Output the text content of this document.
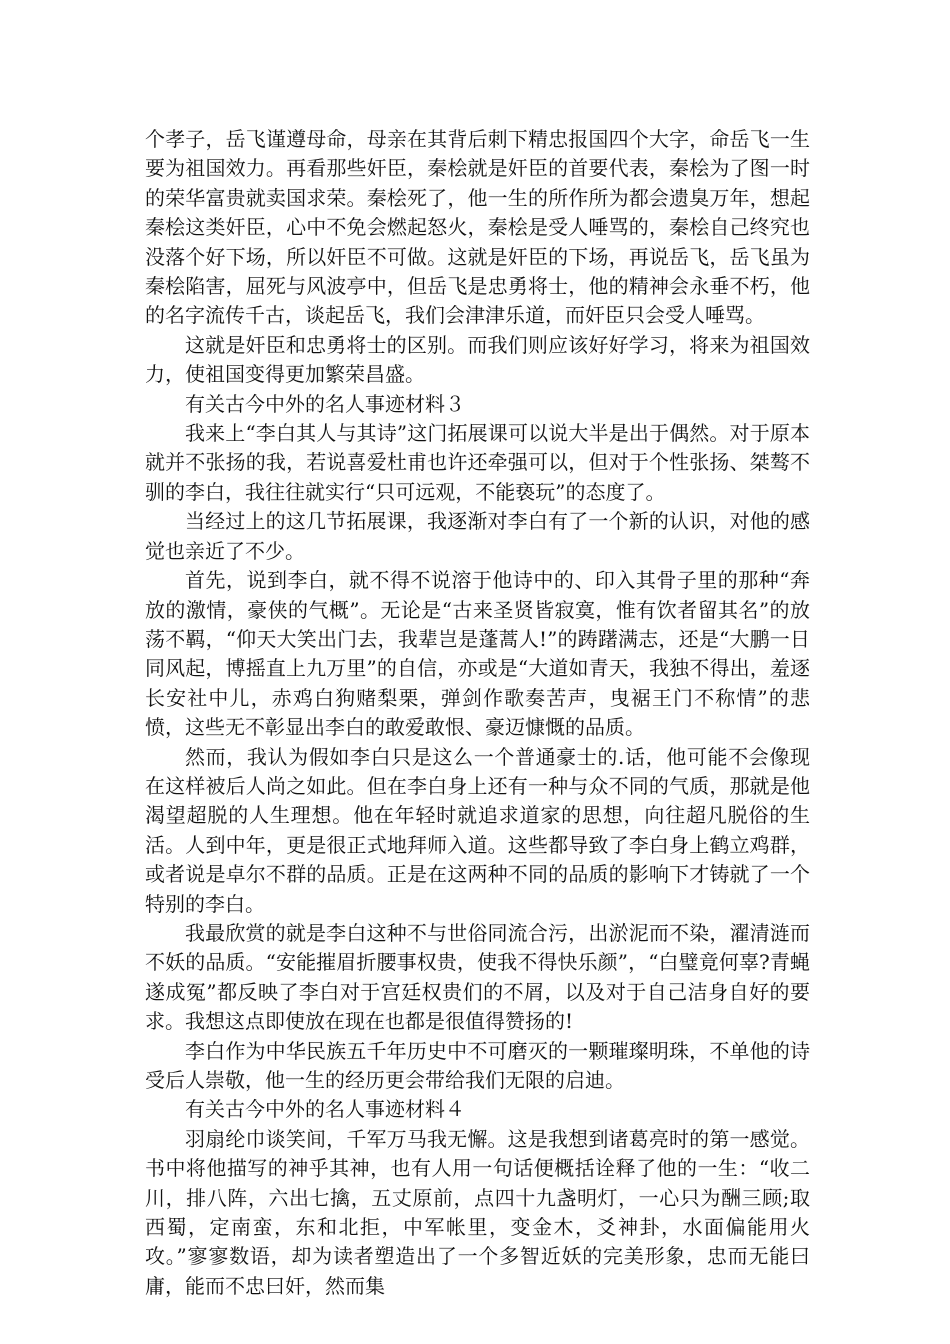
个孝子，岳飞谨遵母命，母亲在其背后刺下精忠报国四个大字，命岳飞一生要为祖国效力。再看那些奸臣，秦桧就是奸臣的首要代表，秦桧为了图一时的荣华富贵就卖国求荣。秦桧死了，他一生的所作所为都会遗臭万年，想起秦桧这类奸臣，心中不免会燃起怒火，秦桧是受人唾骂的，秦桧自己终究也没落个好下场，所以奸臣不可做。这就是奸臣的下场，再说岳飞，岳飞虽为秦桧陷害，屈死与风波亭中，但岳飞是忠勇将士，他的精神会永垂不朽，他的名字流传千古，谈起岳飞，我们会津津乐道，而奸臣只会受人唾骂。

这就是奸臣和忠勇将士的区别。而我们则应该好好学习，将来为祖国效力，使祖国变得更加繁荣昌盛。

有关古今中外的名人事迹材料３

我来上“李白其人与其诗”这门拓展课可以说大半是出于偶然。对于原本就并不张扬的我，若说喜爱杜甫也许还牵强可以，但对于个性张扬、桀骜不驯的李白，我往往就实行“只可远观，不能亵玩”的态度了。

当经过上的这几节拓展课，我逐渐对李白有了一个新的认识，对他的感觉也亲近了不少。

首先，说到李白，就不得不说溶于他诗中的、印入其骨子里的那种“奔放的激情，豪侠的气概”。无论是“古来圣贤皆寂寞，惟有饮者留其名”的放荡不羁，“仰天大笑出门去，我辈岂是蓬蒿人!”的踌躇满志，还是“大鹏一日同风起，博摇直上九万里”的自信，亦或是“大道如青天，我独不得出，羞逐长安社中儿，赤鸡白狗赌梨栗，弹剑作歌奏苦声，曳裾王门不称情”的悲愤，这些无不彰显出李白的敢爱敢恨、豪迈慷慨的品质。

然而，我认为假如李白只是这么一个普通豪士的.话，他可能不会像现在这样被后人尚之如此。但在李白身上还有一种与众不同的气质，那就是他渴望超脱的人生理想。他在年轻时就追求道家的思想，向往超凡脱俗的生活。人到中年，更是很正式地拜师入道。这些都导致了李白身上鹤立鸡群，或者说是卓尔不群的品质。正是在这两种不同的品质的影响下才铸就了一个特别的李白。

我最欣赏的就是李白这种不与世俗同流合污，出淤泥而不染，濯清涟而不妖的品质。“安能摧眉折腰事权贵，使我不得快乐颜”，“白璧竟何辜?青蝇遂成冤”都反映了李白对于宫廷权贵们的不屑，以及对于自己洁身自好的要求。我想这点即使放在现在也都是很值得赞扬的!

李白作为中华民族五千年历史中不可磨灭的一颗璀璨明珠，不单他的诗受后人崇敬，他一生的经历更会带给我们无限的启迪。

有关古今中外的名人事迹材料４

羽扇纶巾谈笑间，千军万马我无懈。这是我想到诸葛亮时的第一感觉。书中将他描写的神乎其神，也有人用一句话便概括诠释了他的一生：“收二川，排八阵，六出七擒，五丈原前，点四十九盏明灯，一心只为酬三顾;取西蜀，定南蛮，东和北拒，中军帐里，变金木，爻神卦，水面偏能用火攻。”寥寥数语，却为读者塑造出了一个多智近妖的完美形象，忠而无能曰庸，能而不忠曰奸，然而集
